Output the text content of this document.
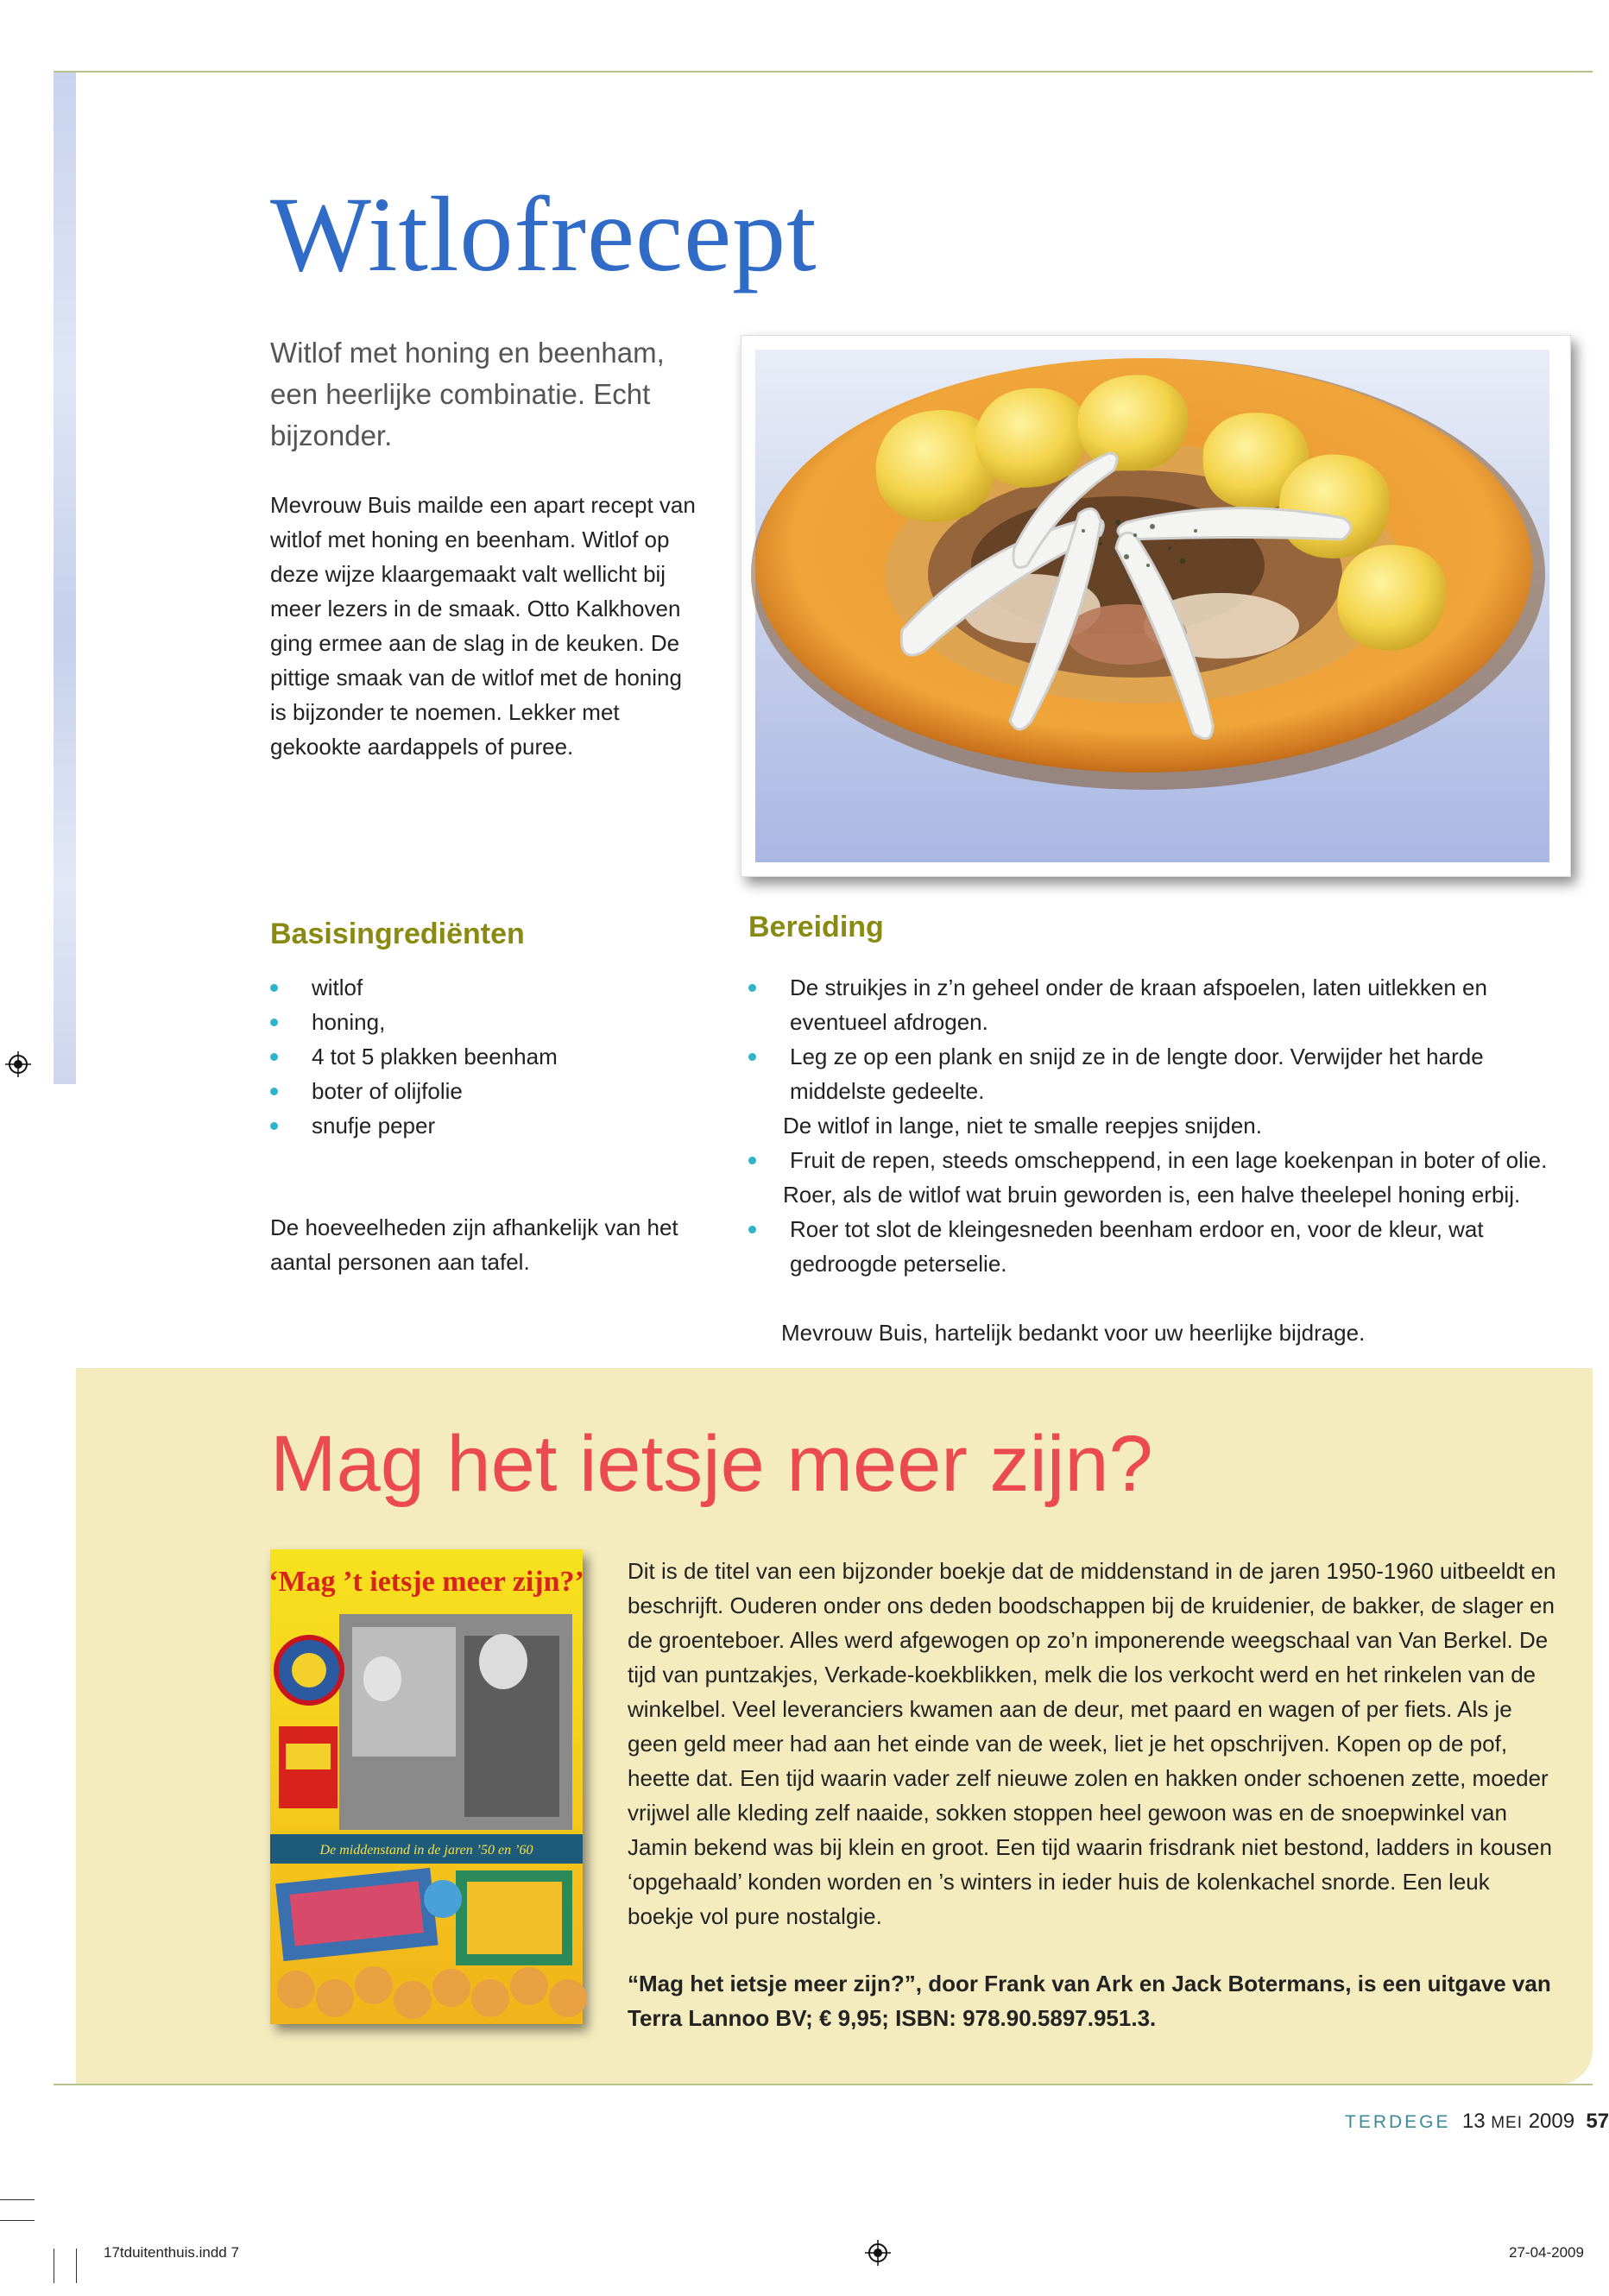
Witlofrecept
Witlof met honing en beenham, een heerlijke combinatie. Echt bijzonder.
Mevrouw Buis mailde een apart recept van witlof met honing en beenham. Witlof op deze wijze klaargemaakt valt wellicht bij meer lezers in de smaak. Otto Kalkhoven ging ermee aan de slag in de keuken. De pittige smaak van de witlof met de honing is bijzonder te noemen. Lekker met gekookte aardappels of puree.
Basisingrediënten	Bereiding
witlof
honing,
4 tot 5 plakken beenham
boter of olijfolie
snufje peper
De hoeveelheden zijn afhankelijk van het aantal personen aan tafel.
De struikjes in z’n geheel onder de kraan afspoelen, laten uitlekken en eventueel afdrogen.
Leg ze op een plank en snijd ze in de lengte door. Verwijder het harde middelste gedeelte.
De witlof in lange, niet te smalle reepjes snijden.
Fruit de repen, steeds omscheppend, in een lage koekenpan in boter of olie.
Roer, als de witlof wat bruin geworden is, een halve theelepel honing erbij.
Roer tot slot de kleingesneden beenham erdoor en, voor de kleur, wat gedroogde peterselie.
Mevrouw Buis, hartelijk bedankt voor uw heerlijke bijdrage.
Mag het ietsje meer zijn?
‘Mag ’t ietsje meer zijn?’
De middenstand in de jaren ’50 en ’60

Dit is de titel van een bijzonder boekje dat de middenstand in de jaren 1950-1960 uitbeeldt en beschrijft. Ouderen onder ons deden boodschappen bij de kruidenier, de bakker, de slager en de groenteboer. Alles werd afgewogen op zo’n imponerende weegschaal van Van Berkel. De tijd van puntzakjes, Verkade-koekblikken, melk die los verkocht werd en het rinkelen van de winkelbel. Veel leveranciers kwamen aan de deur, met paard en wagen of per fiets. Als je geen geld meer had aan het einde van de week, liet je het opschrijven. Kopen op de pof, heette dat. Een tijd waarin vader zelf nieuwe zolen en hakken onder schoenen zette, moeder vrijwel alle kleding zelf naaide, sokken stoppen heel gewoon was en de snoepwinkel van Jamin bekend was bij klein en groot. Een tijd waarin frisdrank niet bestond, ladders in kousen ‘opgehaald’ konden worden en ’s winters in ieder huis de kolenkachel snorde. Een leuk boekje vol pure nostalgie.

“Mag het ietsje meer zijn?”, door Frank van Ark en Jack Botermans, is een uitgave van Terra Lannoo BV; € 9,95; ISBN: 978.90.5897.951.3.

TERDEGE 13 MEI 2009 57
17tduitenthuis.indd 7	27-04-2009
